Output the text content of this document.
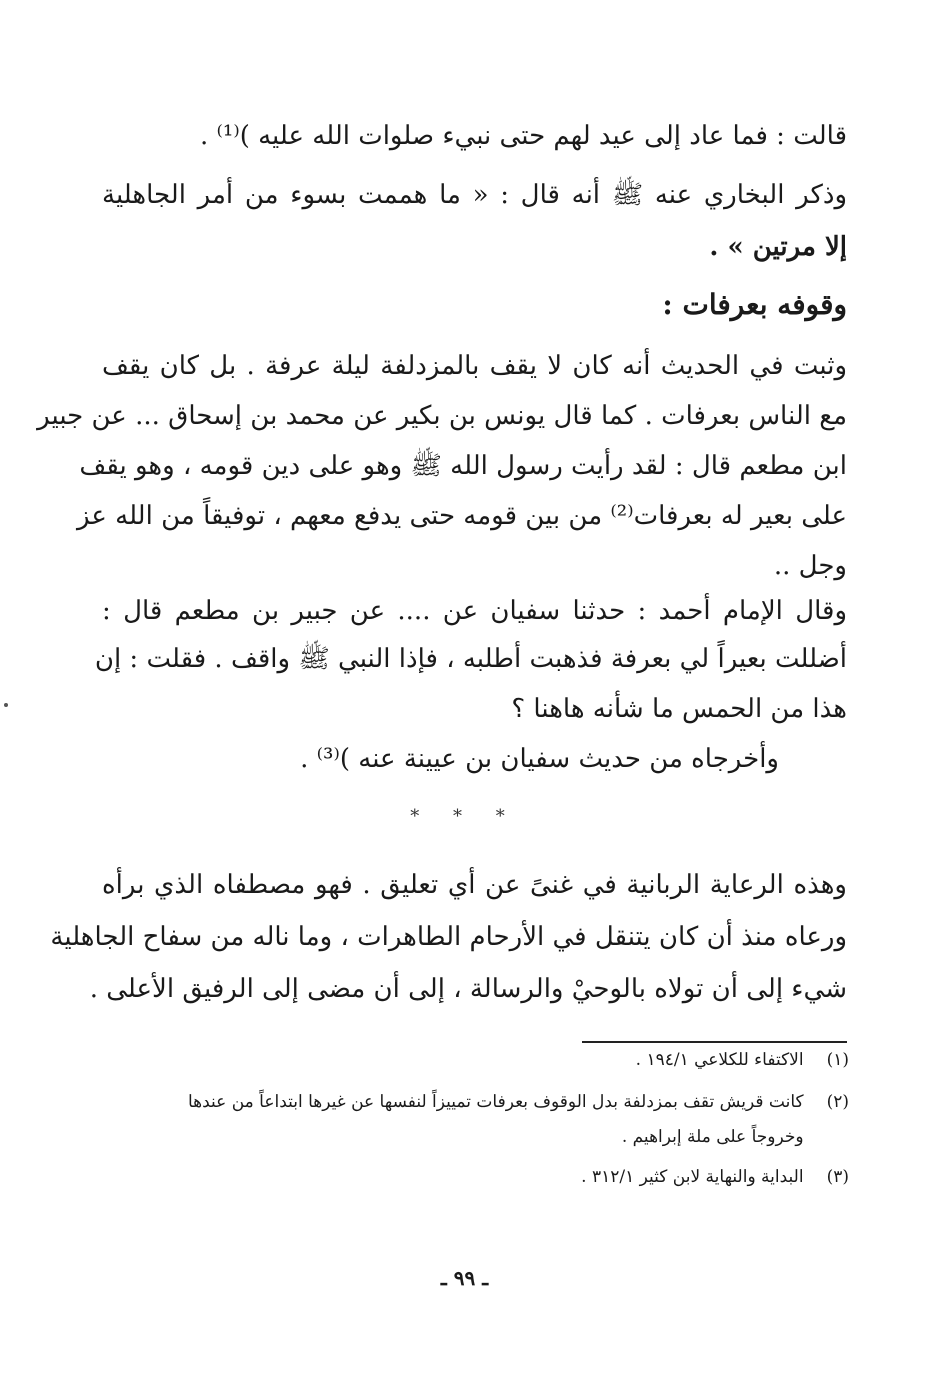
قالت : فما عاد إلى عيد لهم حتى نبيء صلوات الله عليه )⁽¹⁾ .
وذكر البخاري عنه ﷺ أنه قال : « ما هممت بسوء من أمر الجاهلية
إلا مرتين » .
وقوفه بعرفات :
وثبت في الحديث أنه كان لا يقف بالمزدلفة ليلة عرفة . بل كان يقف
مع الناس بعرفات . كما قال يونس بن بكير عن محمد بن إسحاق ... عن جبير
ابن مطعم قال : لقد رأيت رسول الله ﷺ وهو على دين قومه ، وهو يقف
على بعير له بعرفات⁽²⁾ من بين قومه حتى يدفع معهم ، توفيقاً من الله عز
وجل ..
وقال الإمام أحمد : حدثنا سفيان عن .... عن جبير بن مطعم قال :
أضللت بعيراً لي بعرفة فذهبت أطلبه ، فإذا النبي ﷺ واقف . فقلت : إن
هذا من الحمس ما شأنه هاهنا ؟
وأخرجاه من حديث سفيان بن عيينة عنه )⁽³⁾ .
* * *
وهذه الرعاية الربانية في غنىً عن أي تعليق . فهو مصطفاه الذي برأه
ورعاه منذ أن كان يتنقل في الأرحام الطاهرات ، وما ناله من سفاح الجاهلية
شيء إلى أن تولاه بالوحيْ والرسالة ، إلى أن مضى إلى الرفيق الأعلى .
(١) الاكتفاء للكلاعي ١٩٤/١ .
(٢) كانت قريش تقف بمزدلفة بدل الوقوف بعرفات تمييزاً لنفسها عن غيرها ابتداعاً من عندها
وخروجاً على ملة إبراهيم .
(٣) البداية والنهاية لابن كثير ٣١٢/١ .
ـ ٩٩ ـ
